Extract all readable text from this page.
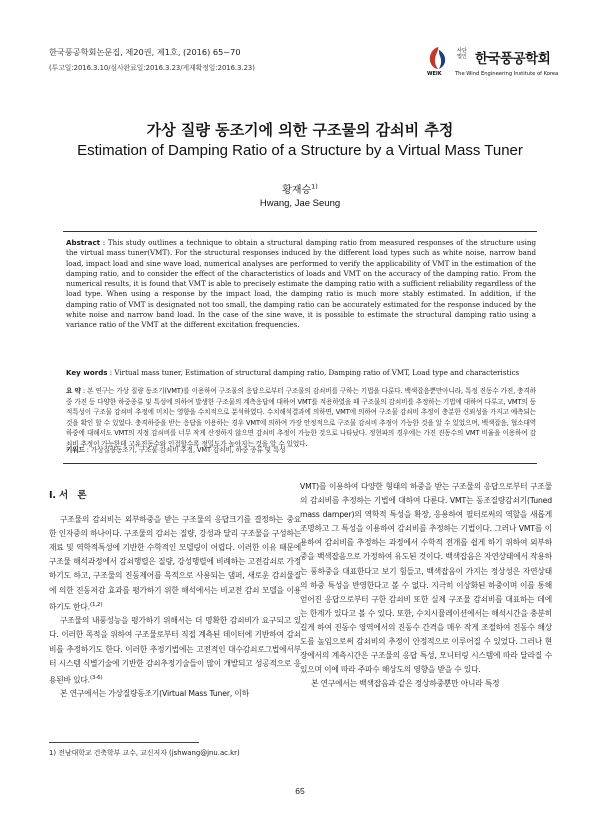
한국풍공학회논문집, 제20권, 제1호, (2016) 65~70
(투고일:2016.3.10/심사완료일:2016.3.23/게재확정일:2016.3.23)
사단 법인 한국풍공학회
WEIK	The Wind Engineering Institute of Korea
가상 질량 동조기에 의한 구조물의 감쇠비 추정
Estimation of Damping Ratio of a Structure by a Virtual Mass Tuner
황재승$^{1)}$
Hwang, Jae Seung
Abstract : This study outlines a technique to obtain a structural damping ratio from measured responses of the structure using the virtual mass tuner(VMT). For the structural responses induced by the different load types such as white noise, narrow band load, impact load and sine wave load, numerical analyses are performed to verify the applicability of VMT in the estimation of the damping ratio, and to consider the effect of the characteristics of loads and VMT on the accuracy of the damping ratio. From the numerical results, it is found that VMT is able to precisely estimate the damping ratio with a sufficient reliability regardless of the load type. When using a response by the impact load, the damping ratio is much more stably estimated. In addition, if the damping ratio of VMT is designated not too small, the damping ratio can be accurately estimated for the response induced by the white noise and narrow band load. In the case of the sine wave, it is possible to estimate the structural damping ratio using a variance ratio of the VMT at the different excitation frequencies.
Key words : Virtual mass tuner, Estimation of structural damping ratio, Damping ratio of VMT, Load type and characteristics
요 약 : 본 연구는 가상 질량 동조기(VMT)를 이용하여 구조물의 응답으로부터 구조물의 감쇠비를 구하는 기법을 다룬다. 백색잡음뿐만아니라, 특정 진동수 가진, 충격하중 가진 등 다양한 하중종류 및 특성에 의하여 발생한 구조물의 계측응답에 대하여 VMT를 적용하였을 때 구조물의 감쇠비를 추정하는 기법에 대하여 다루고, VMT의 동적특성이 구조물 감쇠비 추정에 미치는 영향을 수치적으로 분석하였다. 수치해석결과에 의하면, VMT에 의하여 구조물 감쇠비 추정이 충분한 신뢰성을 가지고 예측되는 것을 확인 할 수 있었다. 충격하중을 받는 응답을 이용하는 경우 VMT에 의하여 가장 안정적으로 구조물 감쇠비 추정이 가능한 것을 알 수 있었으며, 백색잡음, 협소대역 하중에 대해서도 VMT의 지정 감쇠비를 너무 작게 산정하지 않으면 감쇠비 추정이 가능한 것으로 나타났다. 정현파의 경우에는 가진 진동수의 VMT 비율을 이용하여 감쇠비 추정이 가능한데 고유진동수와 인접할수록 정밀도가 높아지는 것을 알 수 있었다.
키워드 : 가상질량동조기, 구조물 감쇠비 추정, VMT 감쇠비, 하중 종류 및 특성

I. 서　론

구조물의 감쇠비는 외부하중을 받는 구조물의 응답크기를 결정하는 중요한 인자중의 하나이다. 구조물의 감쇠는 질량, 강성과 달리 구조물을 구성하는 재료 및 역학적특성에 기반한 수학적인 모델링이 어렵다. 이러한 이유 때문에 구조물 해석과정에서 감쇠행렬은 질량, 강성행렬에 비례하는 고전감쇠로 가정하기도 하고, 구조물의 진동제어를 목적으로 사용되는 댐퍼, 새로운 감쇠물질에 의한 진동저감 효과를 평가하기 위한 해석에서는 비교전 감쇠 모델을 이용하기도 한다.$^{(1,2)}$

구조물의 내풍성능을 평가하기 위해서는 더 명확한 감쇠비가 요구되고 있다. 이러한 목적을 위하여 구조물로부터 직접 계측된 데이터에 기반하여 감쇠비를 추정하기도 한다. 이러한 추정기법에는 고전적인 대수감쇠로그법에서부터 시스템 식별기술에 기반한 감쇠추정기술들이 많이 개발되고 성공적으로 응용된바 있다.$^{(3-6)}$

본 연구에서는 가상질량동조기(Virtual Mass Tuner, 이하

VMT)를 이용하여 다양한 형태의 하중을 받는 구조물의 응답으로부터 구조물의 감쇠비를 추정하는 기법에 대하여 다룬다. VMT는 동조질량감쇠기(Tuned mass damper)의 역학적 특성을 확장, 응용하여 필터로써의 역할을 새롭게 조명하고 그 특성을 이용하여 감쇠비를 추정하는 기법이다. 그러나 VMT를 이용하여 감쇠비를 추정하는 과정에서 수학적 전개를 쉽게 하기 위하여 외부하중을 백색잡음으로 가정하여 유도된 것이다. 백색잡음은 자연상태에서 작용하는 풍하중을 대표한다고 보기 힘들고, 백색잡음이 가지는 정상성은 자연상태의 하중 특성을 반영한다고 볼 수 없다. 지극히 이상화된 하중이며 이를 통해 얻어진 응답으로부터 구한 감쇠비 또한 실제 구조물 감쇠비를 대표하는 데에는 한계가 있다고 볼 수 있다. 또한, 수치시뮬레이션에서는 해석시간을 충분히 길게 하여 진동수 영역에서의 진동수 간격을 매우 작게 조절하여 진동수 해상도를 높임으로써 감쇠비의 추정이 안정적으로 이루어질 수 있었다. 그러나 현장에서의 계측시간은 구조물의 응답 특성, 모니터링 시스템에 따라 달라질 수 있으며 이에 따라 주파수 해상도의 영향을 받을 수 있다.

본 연구에서는 백색잡음과 같은 정상하중뿐만 아니라 특정

1) 전남대학교 건축학부 교수, 교신저자 (jshwang@jnu.ac.kr)
65
